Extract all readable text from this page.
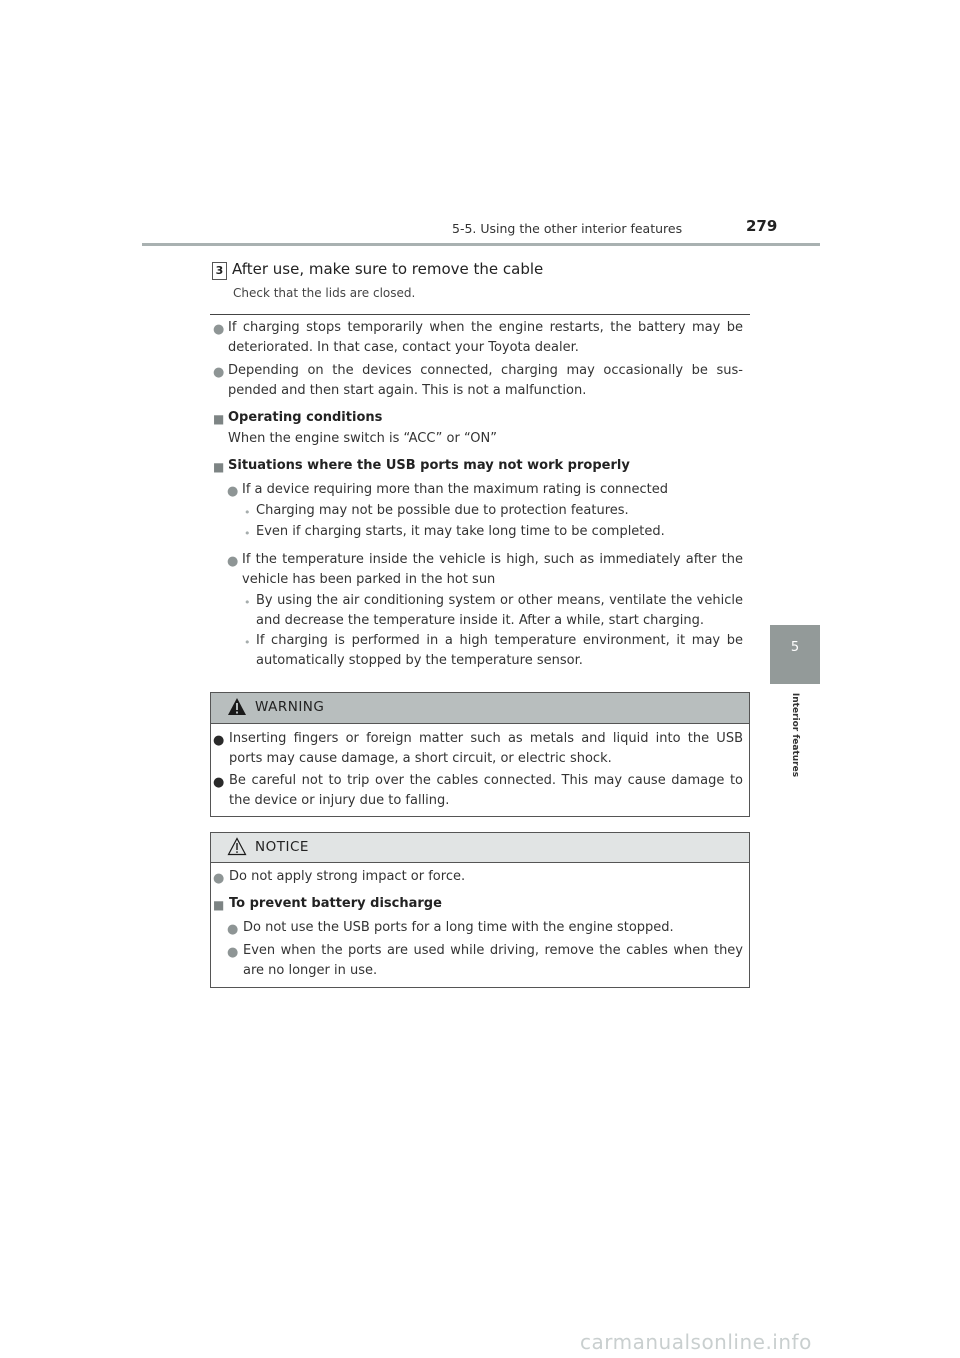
5-5. Using the other interior features	279
5
Interior features
3 After use, make sure to remove the cable
Check that the lids are closed.
● If charging stops temporarily when the engine restarts, the battery may be deteriorated. In that case, contact your Toyota dealer.
● Depending on the devices connected, charging may occasionally be sus-pended and then start again. This is not a malfunction.
■ Operating conditions
When the engine switch is “ACC” or “ON”
■ Situations where the USB ports may not work properly
● If a device requiring more than the maximum rating is connected
• Charging may not be possible due to protection features.
• Even if charging starts, it may take long time to be completed.
● If the temperature inside the vehicle is high, such as immediately after the vehicle has been parked in the hot sun
• By using the air conditioning system or other means, ventilate the vehicle and decrease the temperature inside it. After a while, start charging.
• If charging is performed in a high temperature environment, it may be automatically stopped by the temperature sensor.
WARNING
● Inserting fingers or foreign matter such as metals and liquid into the USB ports may cause damage, a short circuit, or electric shock.
● Be careful not to trip over the cables connected. This may cause damage to the device or injury due to falling.
NOTICE
● Do not apply strong impact or force.
■ To prevent battery discharge
● Do not use the USB ports for a long time with the engine stopped.
● Even when the ports are used while driving, remove the cables when they are no longer in use.
carmanualsonline.info
